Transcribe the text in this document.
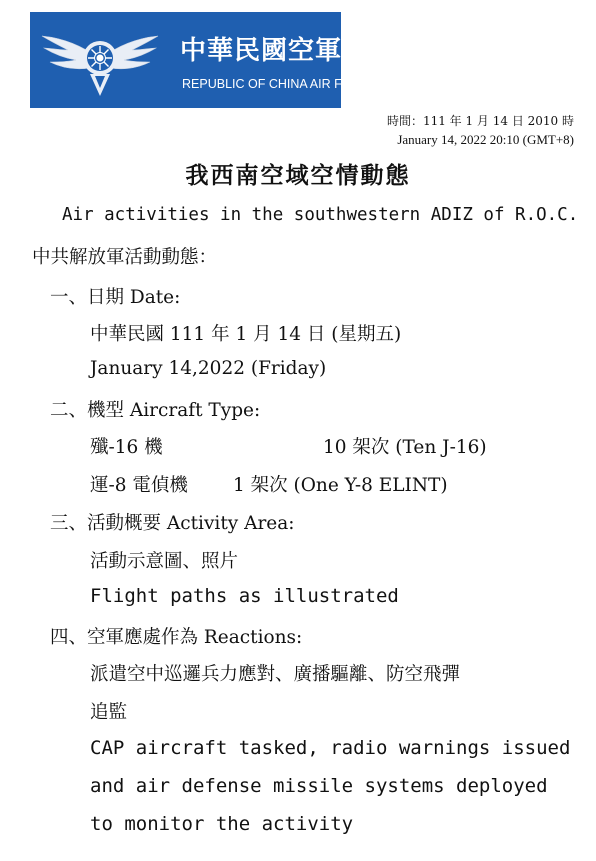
中華民國空軍
REPUBLIC OF CHINA AIR FORCE
時間：111 年 1 月 14 日 2010 時
January 14, 2022 20:10 (GMT+8)
我西南空域空情動態
Air activities in the southwestern ADIZ of R.O.C.
中共解放軍活動動態：
一、日期 Date:
中華民國 111 年 1 月 14 日 (星期五)
January 14,2022 (Friday)
二、機型 Aircraft Type:
殲-16 機	10 架次 (Ten J-16)
運-8 電偵機 1 架次 (One Y-8 ELINT)
三、活動概要 Activity Area:
活動示意圖、照片
Flight paths as illustrated
四、空軍應處作為 Reactions:
派遣空中巡邏兵力應對、廣播驅離、防空飛彈
追監
CAP aircraft tasked, radio warnings issued
and air defense missile systems deployed
to monitor the activity
